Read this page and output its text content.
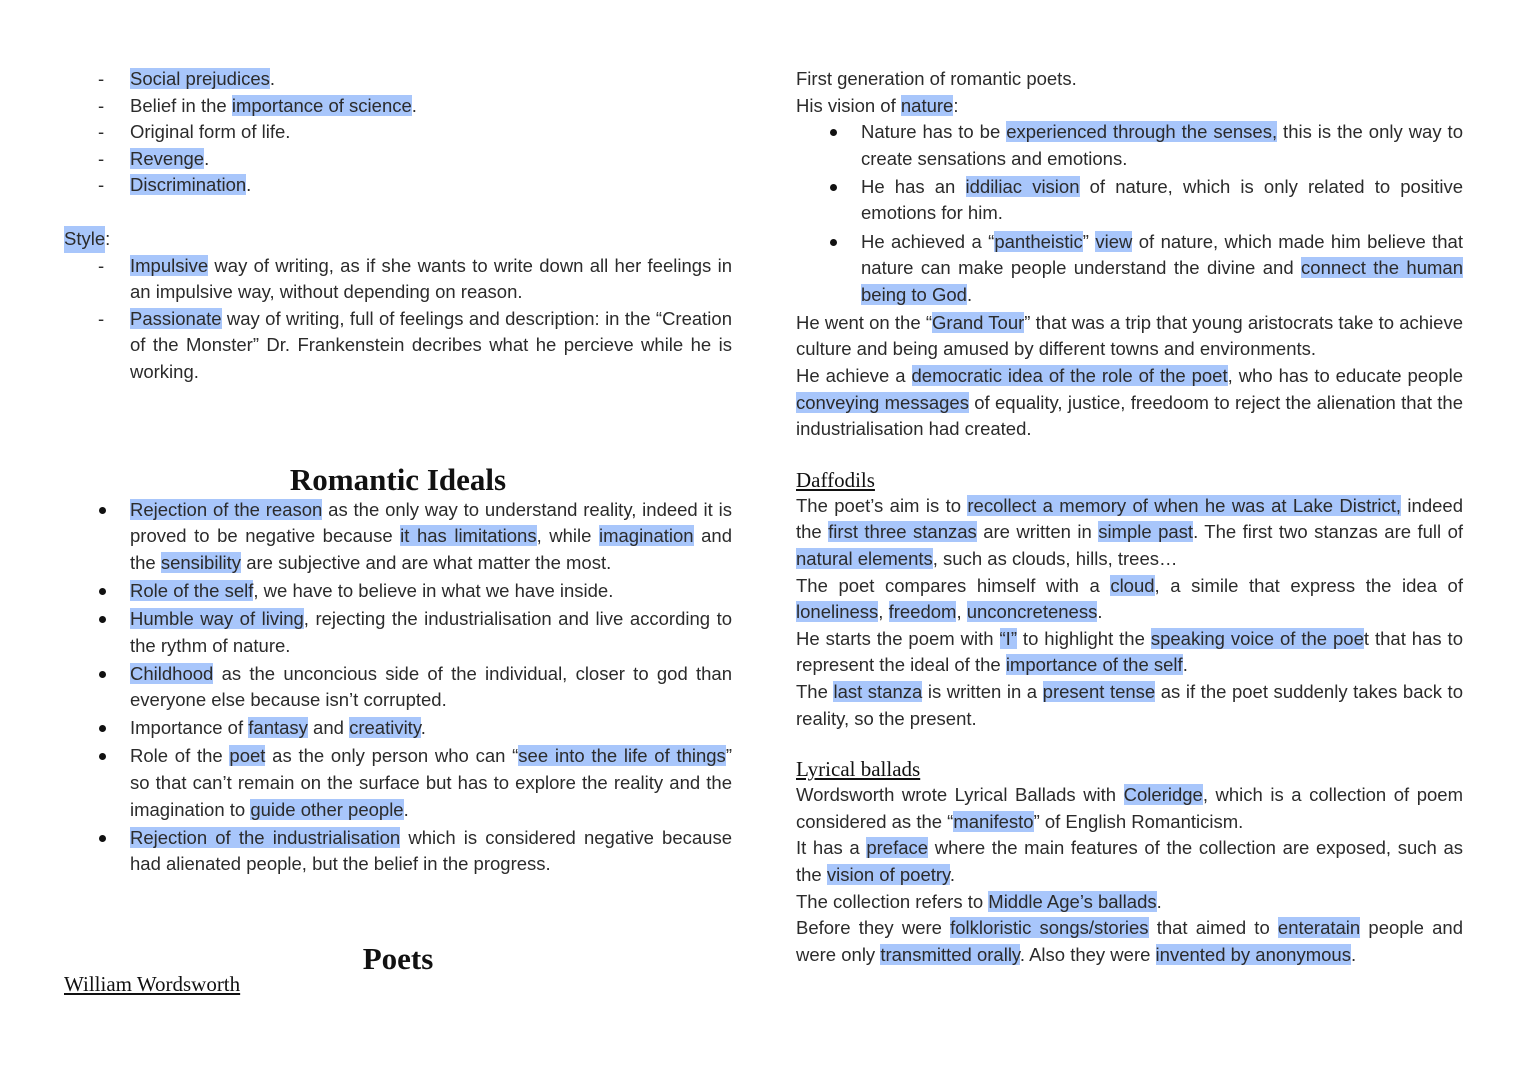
- Social prejudices.
- Belief in the importance of science.
- Original form of life.
- Revenge.
- Discrimination.
Style:
- Impulsive way of writing, as if she wants to write down all her feelings in an impulsive way, without depending on reason.
- Passionate way of writing, full of feelings and description: in the “Creation of the Monster” Dr. Frankenstein decribes what he percieve while he is working.
Romantic Ideals
Rejection of the reason as the only way to understand reality, indeed it is proved to be negative because it has limitations, while imagination and the sensibility are subjective and are what matter the most.
Role of the self, we have to believe in what we have inside.
Humble way of living, rejecting the industrialisation and live according to the rythm of nature.
Childhood as the unconcious side of the individual, closer to god than everyone else because isn’t corrupted.
Importance of fantasy and creativity.
Role of the poet as the only person who can “see into the life of things” so that can’t remain on the surface but has to explore the reality and the imagination to guide other people.
Rejection of the industrialisation which is considered negative because had alienated people, but the belief in the progress.
Poets
William Wordsworth

First generation of romantic poets.

His vision of nature:

Nature has to be experienced through the senses, this is the only way to create sensations and emotions.
He has an iddiliac vision of nature, which is only related to positive emotions for him.
He achieved a “pantheistic” view of nature, which made him believe that nature can make people understand the divine and connect the human being to God.

He went on the “Grand Tour” that was a trip that young aristocrats take to achieve culture and being amused by different towns and environments.

He achieve a democratic idea of the role of the poet, who has to educate people conveying messages of equality, justice, freedoom to reject the alienation that the industrialisation had created.

Daffodils

The poet’s aim is to recollect a memory of when he was at Lake District, indeed the first three stanzas are written in simple past. The first two stanzas are full of natural elements, such as clouds, hills, trees…

The poet compares himself with a cloud, a simile that express the idea of loneliness, freedom, unconcreteness.

He starts the poem with “I” to highlight the speaking voice of the poet that has to represent the ideal of the importance of the self.

The last stanza is written in a present tense as if the poet suddenly takes back to reality, so the present.

Lyrical ballads

Wordsworth wrote Lyrical Ballads with Coleridge, which is a collection of poem considered as the “manifesto” of English Romanticism.

It has a preface where the main features of the collection are exposed, such as the vision of poetry.

The collection refers to Middle Age’s ballads.

Before they were folkloristic songs/stories that aimed to enteratain people and were only transmitted orally. Also they were invented by anonymous.
